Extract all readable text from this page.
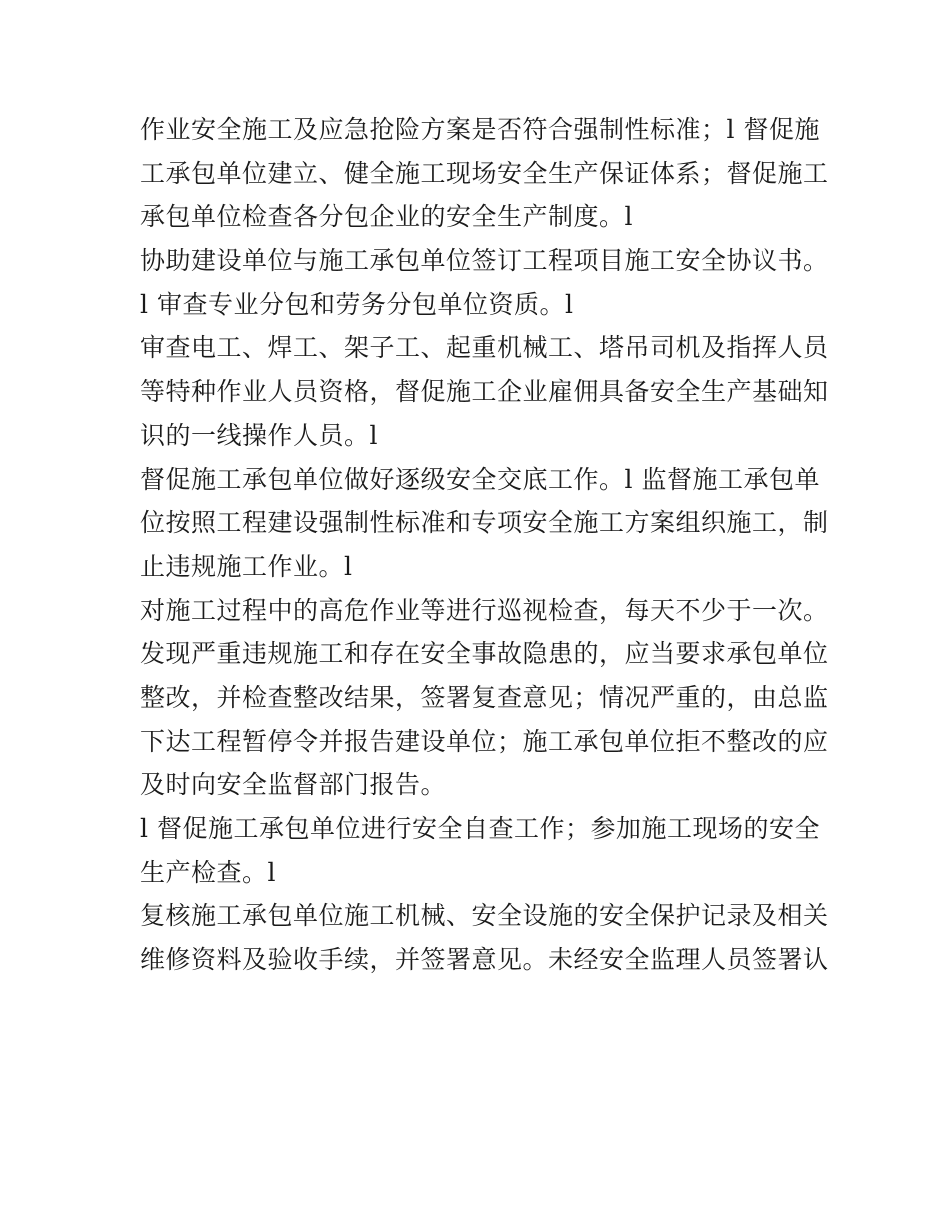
作业安全施工及应急抢险方案是否符合强制性标准；l 督促施
工承包单位建立、健全施工现场安全生产保证体系；督促施工
承包单位检查各分包企业的安全生产制度。l
协助建设单位与施工承包单位签订工程项目施工安全协议书。
l 审查专业分包和劳务分包单位资质。l
审查电工、焊工、架子工、起重机械工、塔吊司机及指挥人员
等特种作业人员资格，督促施工企业雇佣具备安全生产基础知
识的一线操作人员。l
督促施工承包单位做好逐级安全交底工作。l 监督施工承包单
位按照工程建设强制性标准和专项安全施工方案组织施工，制
止违规施工作业。l
对施工过程中的高危作业等进行巡视检查，每天不少于一次。
发现严重违规施工和存在安全事故隐患的，应当要求承包单位
整改，并检查整改结果，签署复查意见；情况严重的，由总监
下达工程暂停令并报告建设单位；施工承包单位拒不整改的应
及时向安全监督部门报告。
l 督促施工承包单位进行安全自查工作；参加施工现场的安全
生产检查。l
复核施工承包单位施工机械、安全设施的安全保护记录及相关
维修资料及验收手续，并签署意见。未经安全监理人员签署认
